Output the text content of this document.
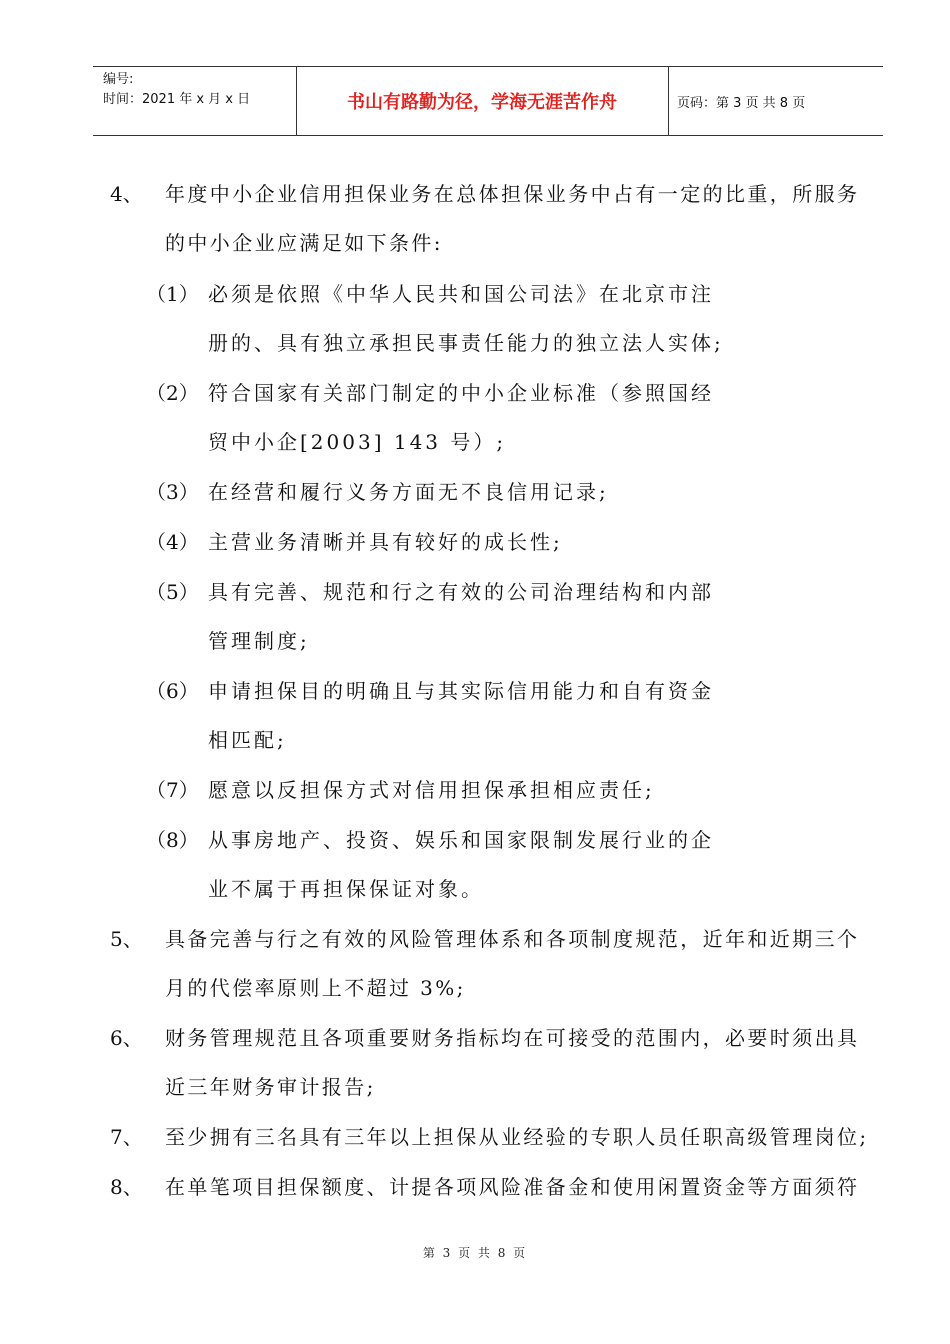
编号:
时间：2021 年 x 月 x 日	书山有路勤为径，学海无涯苦作舟	页码：第 3 页 共 8 页
4、 年度中小企业信用担保业务在总体担保业务中占有一定的比重，所服务
的中小企业应满足如下条件:
（1） 必须是依照《中华人民共和国公司法》在北京市注
册的、具有独立承担民事责任能力的独立法人实体;
（2） 符合国家有关部门制定的中小企业标准（参照国经
贸中小企[2003] 143 号）;
（3） 在经营和履行义务方面无不良信用记录;
（4） 主营业务清晰并具有较好的成长性;
（5） 具有完善、规范和行之有效的公司治理结构和内部
管理制度;
（6） 申请担保目的明确且与其实际信用能力和自有资金
相匹配;
（7） 愿意以反担保方式对信用担保承担相应责任;
（8） 从事房地产、投资、娱乐和国家限制发展行业的企
业不属于再担保保证对象。
5、 具备完善与行之有效的风险管理体系和各项制度规范，近年和近期三个
月的代偿率原则上不超过 3%;
6、 财务管理规范且各项重要财务指标均在可接受的范围内，必要时须出具
近三年财务审计报告;
7、 至少拥有三名具有三年以上担保从业经验的专职人员任职高级管理岗位;
8、 在单笔项目担保额度、计提各项风险准备金和使用闲置资金等方面须符
第 3 页 共 8 页
